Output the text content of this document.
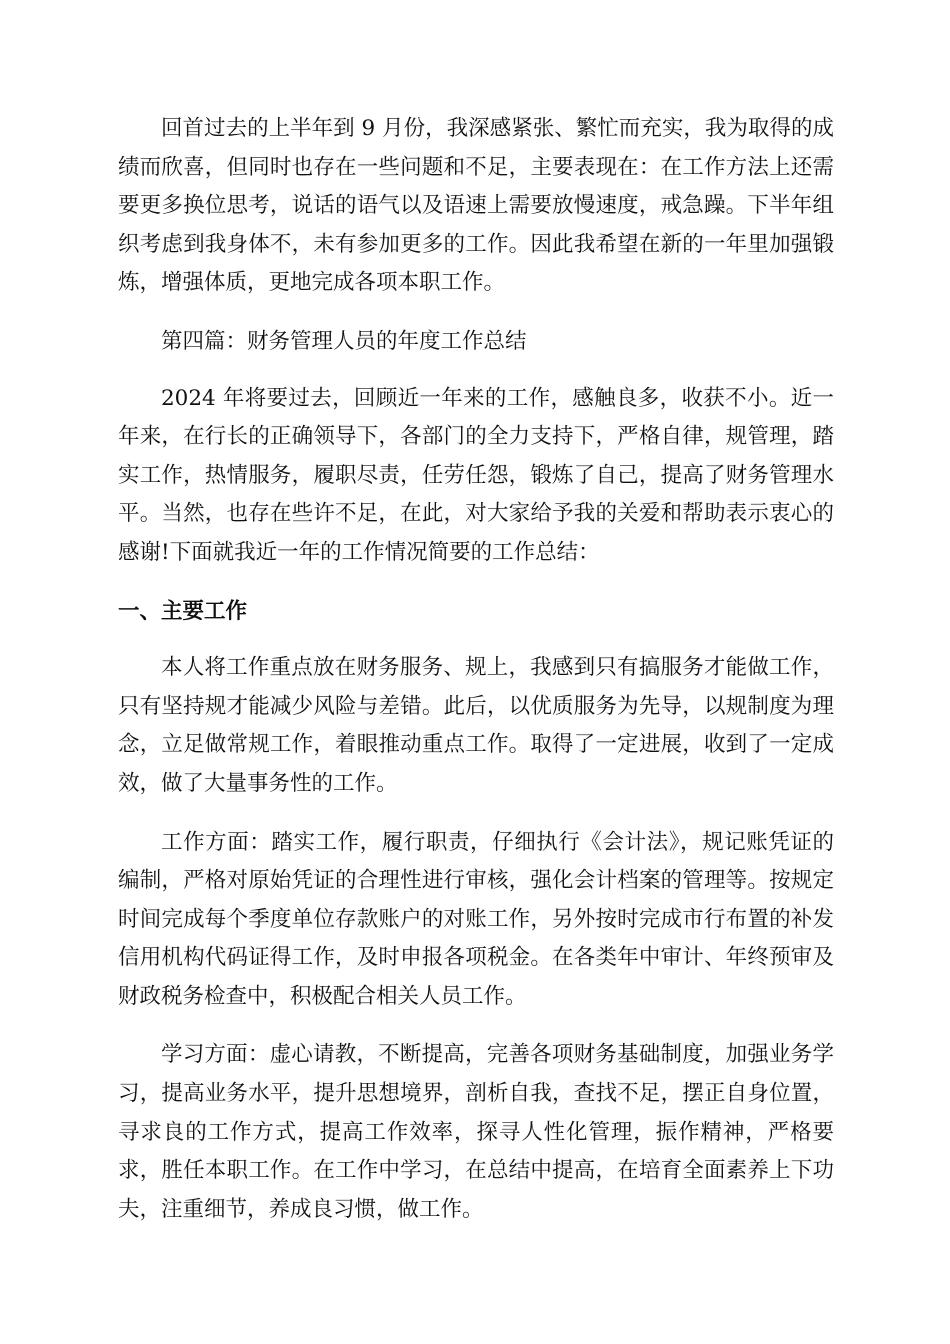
回首过去的上半年到 9 月份，我深感紧张、繁忙而充实，我为取得的成绩而欣喜，但同时也存在一些问题和不足，主要表现在：在工作方法上还需要更多换位思考，说话的语气以及语速上需要放慢速度，戒急躁。下半年组织考虑到我身体不，未有参加更多的工作。因此我希望在新的一年里加强锻炼，增强体质，更地完成各项本职工作。

第四篇：财务管理人员的年度工作总结

2024 年将要过去，回顾近一年来的工作，感触良多，收获不小。近一年来，在行长的正确领导下，各部门的全力支持下，严格自律，规管理，踏实工作，热情服务，履职尽责，任劳任怨，锻炼了自己，提高了财务管理水平。当然，也存在些许不足，在此，对大家给予我的关爱和帮助表示衷心的感谢!下面就我近一年的工作情况简要的工作总结：

一、主要工作

本人将工作重点放在财务服务、规上，我感到只有搞服务才能做工作，只有坚持规才能减少风险与差错。此后，以优质服务为先导，以规制度为理念，立足做常规工作，着眼推动重点工作。取得了一定进展，收到了一定成效，做了大量事务性的工作。

工作方面：踏实工作，履行职责，仔细执行《会计法》，规记账凭证的编制，严格对原始凭证的合理性进行审核，强化会计档案的管理等。按规定时间完成每个季度单位存款账户的对账工作，另外按时完成市行布置的补发信用机构代码证得工作，及时申报各项税金。在各类年中审计、年终预审及财政税务检查中，积极配合相关人员工作。

学习方面：虚心请教，不断提高，完善各项财务基础制度，加强业务学习，提高业务水平，提升思想境界，剖析自我，查找不足，摆正自身位置，寻求良的工作方式，提高工作效率，探寻人性化管理，振作精神，严格要求，胜任本职工作。在工作中学习，在总结中提高，在培育全面素养上下功夫，注重细节，养成良习惯，做工作。
